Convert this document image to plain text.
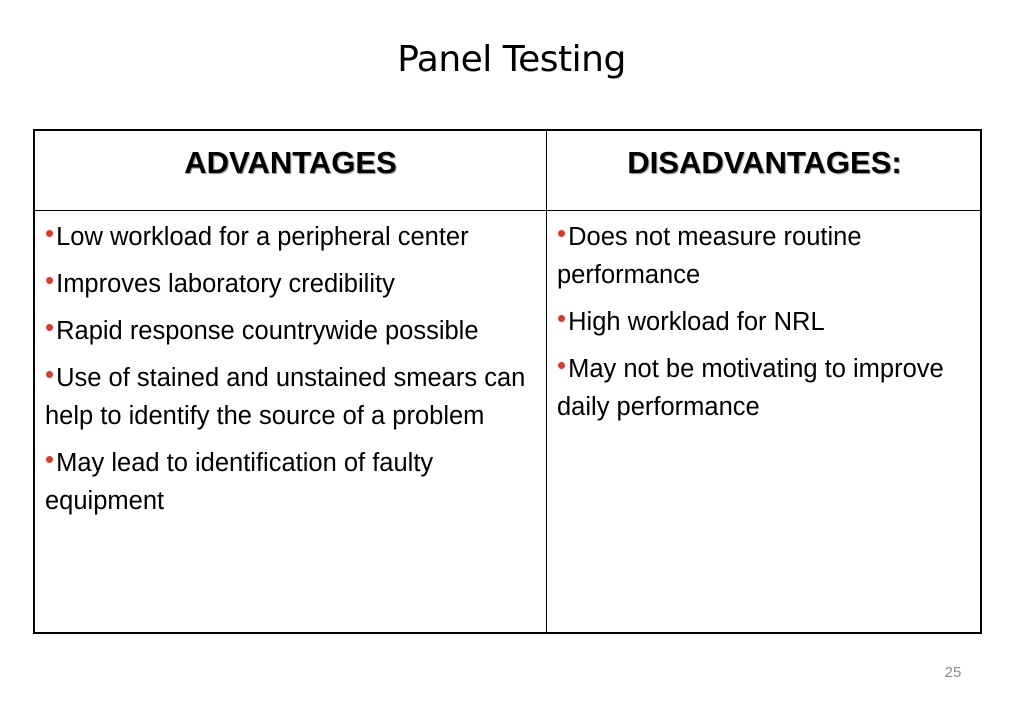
Panel Testing
ADVANTAGES	DISADVANTAGES:
•Low workload for a peripheral center
•Improves laboratory credibility
•Rapid response countrywide possible
•Use of stained and unstained smears can help to identify the source of a problem
•May lead to identification of faulty equipment
•Does not measure routine performance
•High workload for NRL
•May not be motivating to improve daily performance
25
